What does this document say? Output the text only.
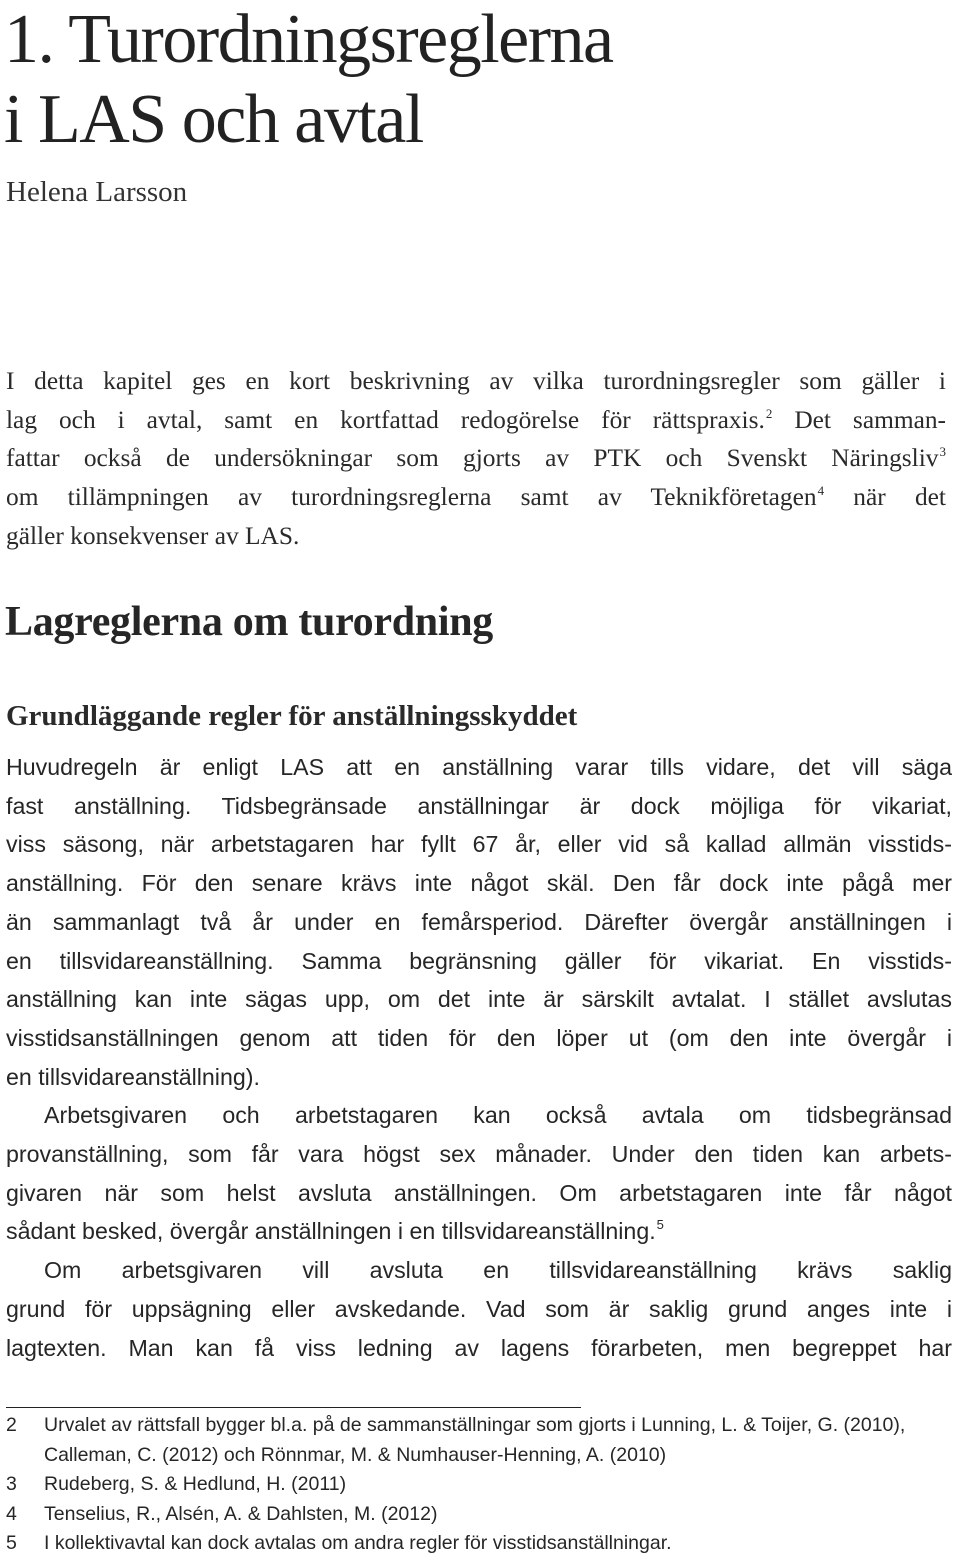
1. Turordningsreglerna
i LAS och avtal
Helena Larsson
I detta kapitel ges en kort beskrivning av vilka turordningsregler som gäller i
lag och i avtal, samt en kortfattad redogörelse för rättspraxis.$^2$ Det samman-
fattar också de undersökningar som gjorts av PTK och Svenskt Näringsliv$^3$
om tillämpningen av turordningsreglerna samt av Teknikföretagen$^4$ när det
gäller konsekvenser av LAS.
Lagreglerna om turordning
Grundläggande regler för anställningsskyddet
Huvudregeln är enligt LAS att en anställning varar tills vidare, det vill säga
fast anställning. Tidsbegränsade anställningar är dock möjliga för vikariat,
viss säsong, när arbetstagaren har fyllt 67 år, eller vid så kallad allmän visstids-
anställning. För den senare krävs inte något skäl. Den får dock inte pågå mer
än sammanlagt två år under en femårsperiod. Därefter övergår anställningen i
en tillsvidareanställning. Samma begränsning gäller för vikariat. En visstids-
anställning kan inte sägas upp, om det inte är särskilt avtalat. I stället avslutas
visstidsanställningen genom att tiden för den löper ut (om den inte övergår i
en tillsvidareanställning).
Arbetsgivaren och arbetstagaren kan också avtala om tidsbegränsad
provanställning, som får vara högst sex månader. Under den tiden kan arbets-
givaren när som helst avsluta anställningen. Om arbetstagaren inte får något
sådant besked, övergår anställningen i en tillsvidareanställning.$^5$
Om arbetsgivaren vill avsluta en tillsvidareanställning krävs saklig
grund för uppsägning eller avskedande. Vad som är saklig grund anges inte i
lagtexten. Man kan få viss ledning av lagens förarbeten, men begreppet har
2	Urvalet av rättsfall bygger bl.a. på de sammanställningar som gjorts i Lunning, L. & Toijer, G. (2010),
Calleman, C. (2012) och Rönnmar, M. & Numhauser-Henning, A. (2010)
3	Rudeberg, S. & Hedlund, H. (2011)
4	Tenselius, R., Alsén, A. & Dahlsten, M. (2012)
5	I kollektivavtal kan dock avtalas om andra regler för visstidsanställningar.
